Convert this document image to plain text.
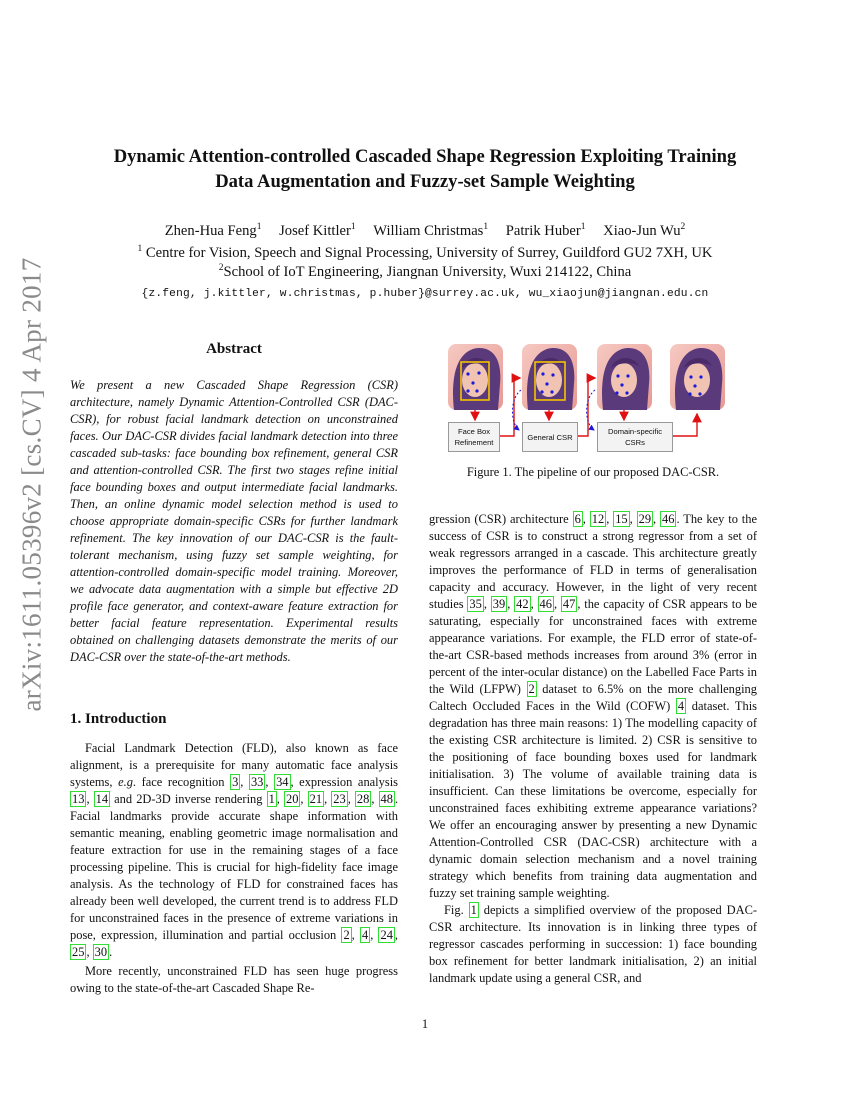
arXiv:1611.05396v2 [cs.CV] 4 Apr 2017
Dynamic Attention-controlled Cascaded Shape Regression Exploiting Training
Data Augmentation and Fuzzy-set Sample Weighting
Zhen-Hua Feng$^1$ Josef Kittler$^1$ William Christmas$^1$ Patrik Huber$^1$ Xiao-Jun Wu$^2$
$^1$ Centre for Vision, Speech and Signal Processing, University of Surrey, Guildford GU2 7XH, UK
$^2$School of IoT Engineering, Jiangnan University, Wuxi 214122, China
{z.feng, j.kittler, w.christmas, p.huber}@surrey.ac.uk, wu_xiaojun@jiangnan.edu.cn
Abstract
We present a new Cascaded Shape Regression (CSR) architecture, namely Dynamic Attention-Controlled CSR (DAC-CSR), for robust facial landmark detection on unconstrained faces. Our DAC-CSR divides facial landmark detection into three cascaded sub-tasks: face bounding box refinement, general CSR and attention-controlled CSR. The first two stages refine initial face bounding boxes and output intermediate facial landmarks. Then, an online dynamic model selection method is used to choose appropriate domain-specific CSRs for further landmark refinement. The key innovation of our DAC-CSR is the fault-tolerant mechanism, using fuzzy set sample weighting, for attention-controlled domain-specific model training. Moreover, we advocate data augmentation with a simple but effective 2D profile face generator, and context-aware feature extraction for better facial feature representation. Experimental results obtained on challenging datasets demonstrate the merits of our DAC-CSR over the state-of-the-art methods.
1. Introduction

Facial Landmark Detection (FLD), also known as face alignment, is a prerequisite for many automatic face analysis systems, e.g. face recognition 3 , 33 , 34 , expression analysis 13 , 14 and 2D-3D inverse rendering 1 , 20 , 21 , 23 , 28 , 48 . Facial landmarks provide accurate shape information with semantic meaning, enabling geometric image normalisation and feature extraction for use in the remaining stages of a face processing pipeline. This is crucial for high-fidelity face image analysis. As the technology of FLD for constrained faces has already been well developed, the current trend is to address FLD for unconstrained faces in the presence of extreme variations in pose, expression, illumination and partial occlusion 2 , 4 , 24 , 25 , 30 .

More recently, unconstrained FLD has seen huge progress owing to the state-of-the-art Cascaded Shape Re-

Face Box Refinement
General CSR
Domain-specific CSRs
Figure 1. The pipeline of our proposed DAC-CSR.

gression (CSR) architecture 6 , 12 , 15 , 29 , 46 . The key to the success of CSR is to construct a strong regressor from a set of weak regressors arranged in a cascade. This architecture greatly improves the performance of FLD in terms of generalisation capacity and accuracy. However, in the light of very recent studies 35 , 39 , 42 , 46 , 47 , the capacity of CSR appears to be saturating, especially for unconstrained faces with extreme appearance variations. For example, the FLD error of state-of-the-art CSR-based methods increases from around 3% (error in percent of the inter-ocular distance) on the Labelled Face Parts in the Wild (LFPW) 2 dataset to 6.5% on the more challenging Caltech Occluded Faces in the Wild (COFW) 4 dataset. This degradation has three main reasons: 1) The modelling capacity of the existing CSR architecture is limited. 2) CSR is sensitive to the positioning of face bounding boxes used for landmark initialisation. 3) The volume of available training data is insufficient. Can these limitations be overcome, especially for unconstrained faces exhibiting extreme appearance variations? We offer an encouraging answer by presenting a new Dynamic Attention-Controlled CSR (DAC-CSR) architecture with a dynamic domain selection mechanism and a novel training strategy which benefits from training data augmentation and fuzzy set training sample weighting.

Fig. 1 depicts a simplified overview of the proposed DAC-CSR architecture. Its innovation is in linking three types of regressor cascades performing in succession: 1) face bounding box refinement for better landmark initialisation, 2) an initial landmark update using a general CSR, and

1
